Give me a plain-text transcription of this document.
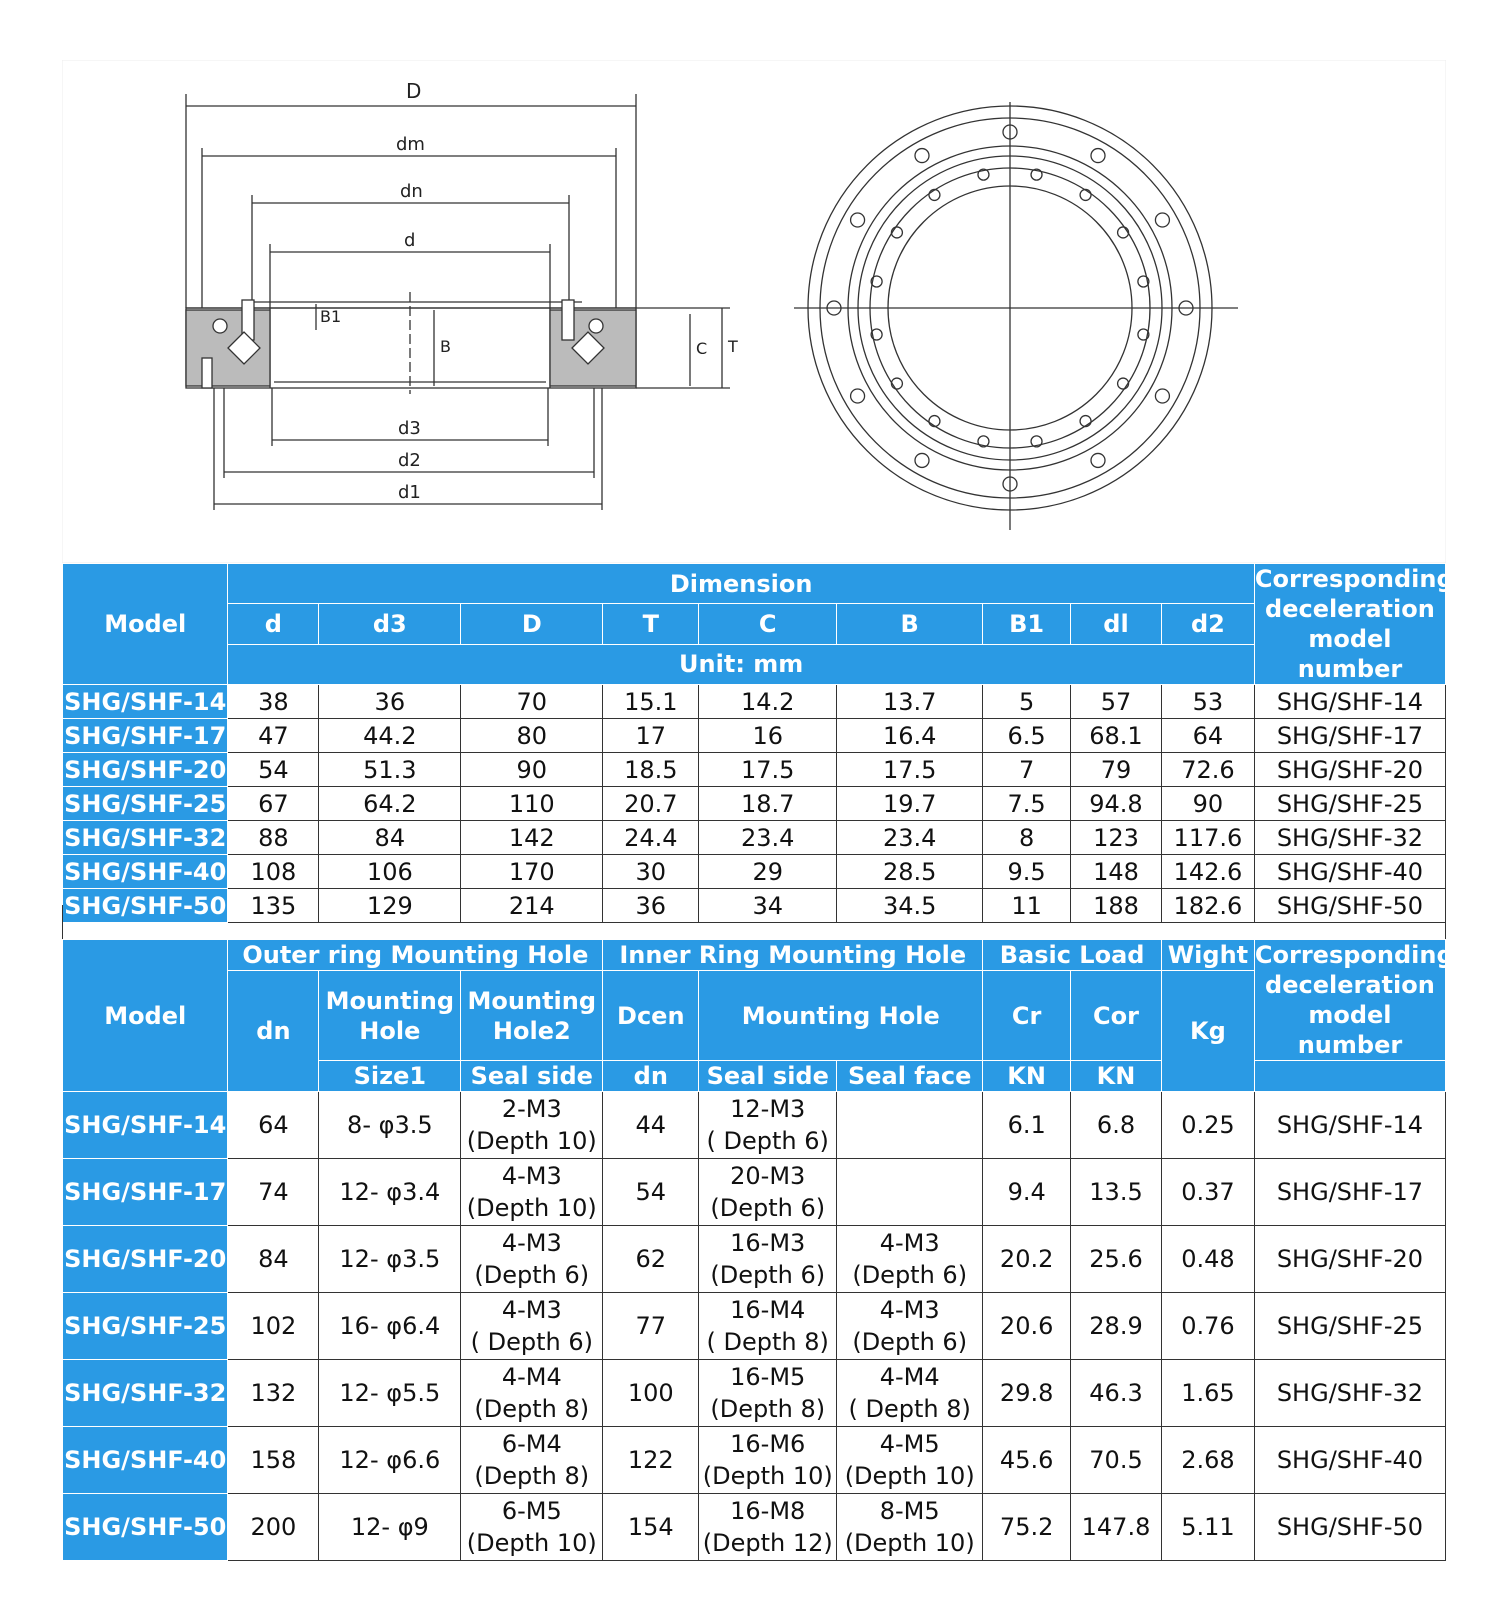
D
dm
dn
d
B1
B	C T
d3
d2
d1
Model	Dimension									Corresponding
deceleration
model number

	d	d3	D	T	C	B	B1	dl	d2	
	Unit: mm									
SHG/SHF-14	38	36	70	15.1	14.2	13.7	5	57	53	SHG/SHF-14
SHG/SHF-17	47	44.2	80	17	16	16.4	6.5	68.1	64	SHG/SHF-17
SHG/SHF-20	54	51.3	90	18.5	17.5	17.5	7	79	72.6	SHG/SHF-20
SHG/SHF-25	67	64.2	110	20.7	18.7	19.7	7.5	94.8	90	SHG/SHF-25
SHG/SHF-32	88	84	142	24.4	23.4	23.4	8	123	117.6	SHG/SHF-32
SHG/SHF-40	108	106	170	30	29	28.5	9.5	148	142.6	SHG/SHF-40
SHG/SHF-50	135	129	214	36	34	34.5	11	188	182.6	SHG/SHF-50
Model	Outer ring Mounting Hole			Inner Ring Mounting Hole			Basic Load		Wight	Corresponding
deceleration
model number

	dn	Mounting
Hole	Mounting
Hole2	Dcen	Mounting Hole		Cr	Cor	Kg	

		Size1	Seal side	dn	Seal side	Seal face	KN	KN		
SHG/SHF-14	64	8- φ3.5	2-M3
(Depth 10)	44	12-M3
( Depth 6)		6.1	6.8	0.25	SHG/SHF-14
SHG/SHF-17	74	12- φ3.4	4-M3
(Depth 10)	54	20-M3
(Depth 6)		9.4	13.5	0.37	SHG/SHF-17
SHG/SHF-20	84	12- φ3.5	4-M3
(Depth 6)	62	16-M3
(Depth 6)	4-M3
(Depth 6)	20.2	25.6	0.48	SHG/SHF-20
SHG/SHF-25	102	16- φ6.4	4-M3
( Depth 6)	77	16-M4
( Depth 8)	4-M3
(Depth 6)	20.6	28.9	0.76	SHG/SHF-25
SHG/SHF-32	132	12- φ5.5	4-M4
(Depth 8)	100	16-M5
(Depth 8)	4-M4
( Depth 8)	29.8	46.3	1.65	SHG/SHF-32
SHG/SHF-40	158	12- φ6.6	6-M4
(Depth 8)	122	16-M6
(Depth 10)	4-M5
(Depth 10)	45.6	70.5	2.68	SHG/SHF-40
SHG/SHF-50	200	12- φ9	6-M5
(Depth 10)	154	16-M8
(Depth 12)	8-M5
(Depth 10)	75.2	147.8	5.11	SHG/SHF-50
